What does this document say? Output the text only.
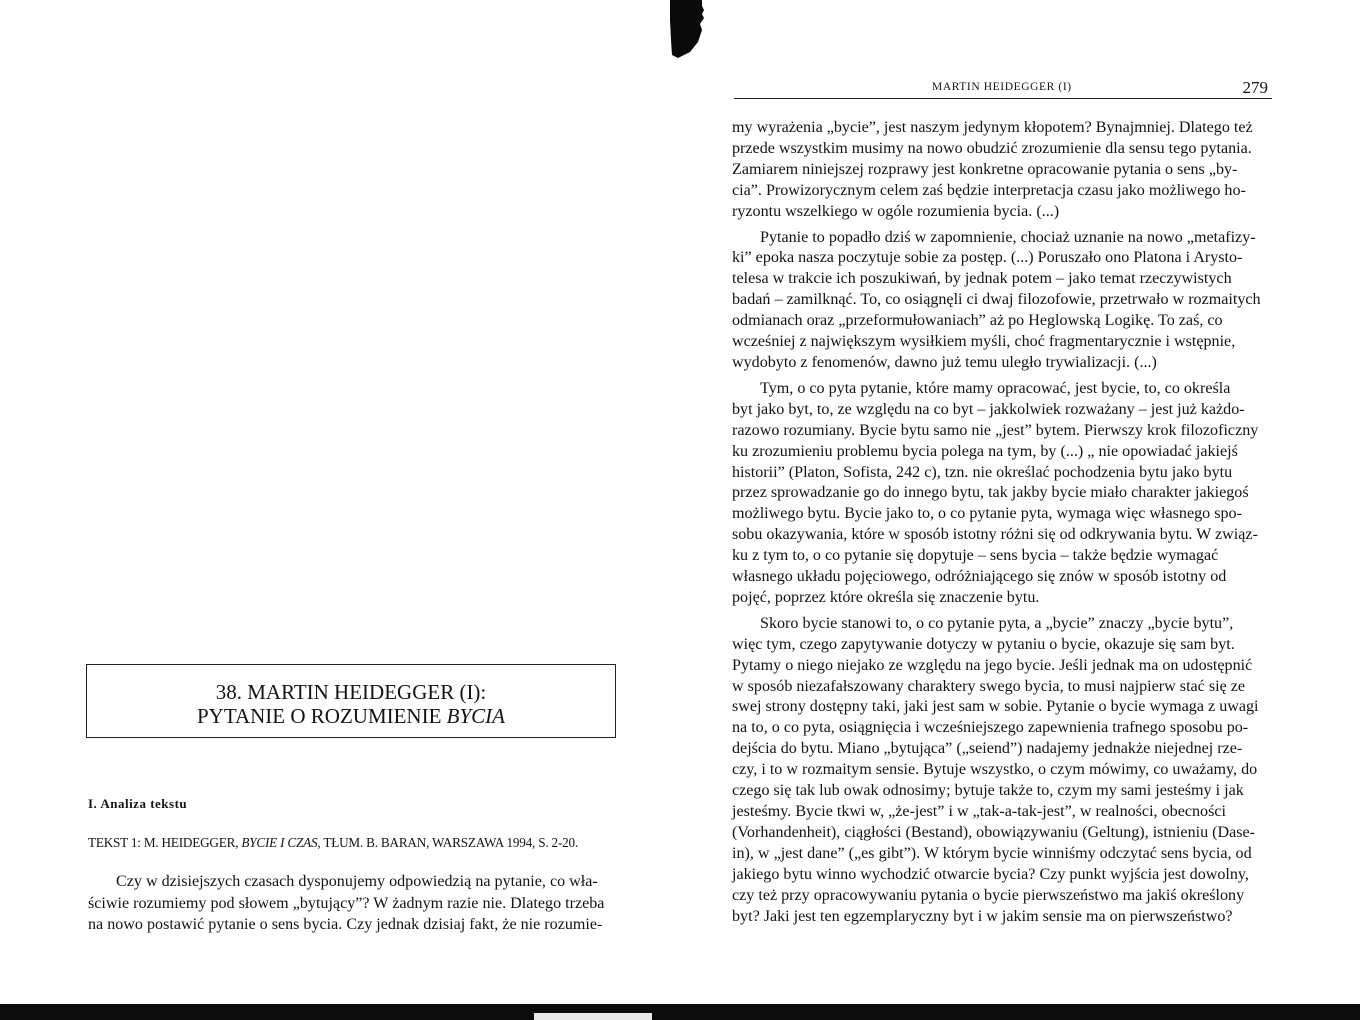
38. MARTIN HEIDEGGER (I):
PYTANIE O ROZUMIENIE BYCIA
I. Analiza tekstu
TEKST 1: M. HEIDEGGER, BYCIE I CZAS, TŁUM. B. BARAN, WARSZAWA 1994, S. 2-20.
Czy w dzisiejszych czasach dysponujemy odpowiedzią na pytanie, co wła-
ściwie rozumiemy pod słowem „bytujący”? W żadnym razie nie. Dlatego trzeba
na nowo postawić pytanie o sens bycia. Czy jednak dzisiaj fakt, że nie rozumie-
MARTIN HEIDEGGER (I)	279
my wyrażenia „bycie”, jest naszym jedynym kłopotem? Bynajmniej. Dlatego też
przede wszystkim musimy na nowo obudzić zrozumienie dla sensu tego pytania.
Zamiarem niniejszej rozprawy jest konkretne opracowanie pytania o sens „by-
cia”. Prowizorycznym celem zaś będzie interpretacja czasu jako możliwego ho-
ryzontu wszelkiego w ogóle rozumienia bycia. (...)
Pytanie to popadło dziś w zapomnienie, chociaż uznanie na nowo „metafizy-
ki” epoka nasza poczytuje sobie za postęp. (...) Poruszało ono Platona i Arysto-
telesa w trakcie ich poszukiwań, by jednak potem – jako temat rzeczywistych
badań – zamilknąć. To, co osiągnęli ci dwaj filozofowie, przetrwało w rozmaitych
odmianach oraz „przeformułowaniach” aż po Heglowską Logikę. To zaś, co
wcześniej z największym wysiłkiem myśli, choć fragmentarycznie i wstępnie,
wydobyto z fenomenów, dawno już temu uległo trywializacji. (...)
Tym, o co pyta pytanie, które mamy opracować, jest bycie, to, co określa
byt jako byt, to, ze względu na co byt – jakkolwiek rozważany – jest już każdo-
razowo rozumiany. Bycie bytu samo nie „jest” bytem. Pierwszy krok filozoficzny
ku zrozumieniu problemu bycia polega na tym, by (...) „ nie opowiadać jakiejś
historii” (Platon, Sofista, 242 c), tzn. nie określać pochodzenia bytu jako bytu
przez sprowadzanie go do innego bytu, tak jakby bycie miało charakter jakiegoś
możliwego bytu. Bycie jako to, o co pytanie pyta, wymaga więc własnego spo-
sobu okazywania, które w sposób istotny różni się od odkrywania bytu. W związ-
ku z tym to, o co pytanie się dopytuje – sens bycia – także będzie wymagać
własnego układu pojęciowego, odróżniającego się znów w sposób istotny od
pojęć, poprzez które określa się znaczenie bytu.
Skoro bycie stanowi to, o co pytanie pyta, a „bycie” znaczy „bycie bytu”,
więc tym, czego zapytywanie dotyczy w pytaniu o bycie, okazuje się sam byt.
Pytamy o niego niejako ze względu na jego bycie. Jeśli jednak ma on udostępnić
w sposób niezafałszowany charaktery swego bycia, to musi najpierw stać się ze
swej strony dostępny taki, jaki jest sam w sobie. Pytanie o bycie wymaga z uwagi
na to, o co pyta, osiągnięcia i wcześniejszego zapewnienia trafnego sposobu po-
dejścia do bytu. Miano „bytująca” („seiend”) nadajemy jednakże niejednej rze-
czy, i to w rozmaitym sensie. Bytuje wszystko, o czym mówimy, co uważamy, do
czego się tak lub owak odnosimy; bytuje także to, czym my sami jesteśmy i jak
jesteśmy. Bycie tkwi w, „że-jest” i w „tak-a-tak-jest”, w realności, obecności
(Vorhandenheit), ciągłości (Bestand), obowiązywaniu (Geltung), istnieniu (Dase-
in), w „jest dane” („es gibt”). W którym bycie winniśmy odczytać sens bycia, od
jakiego bytu winno wychodzić otwarcie bycia? Czy punkt wyjścia jest dowolny,
czy też przy opracowywaniu pytania o bycie pierwszeństwo ma jakiś określony
byt? Jaki jest ten egzemplaryczny byt i w jakim sensie ma on pierwszeństwo?
